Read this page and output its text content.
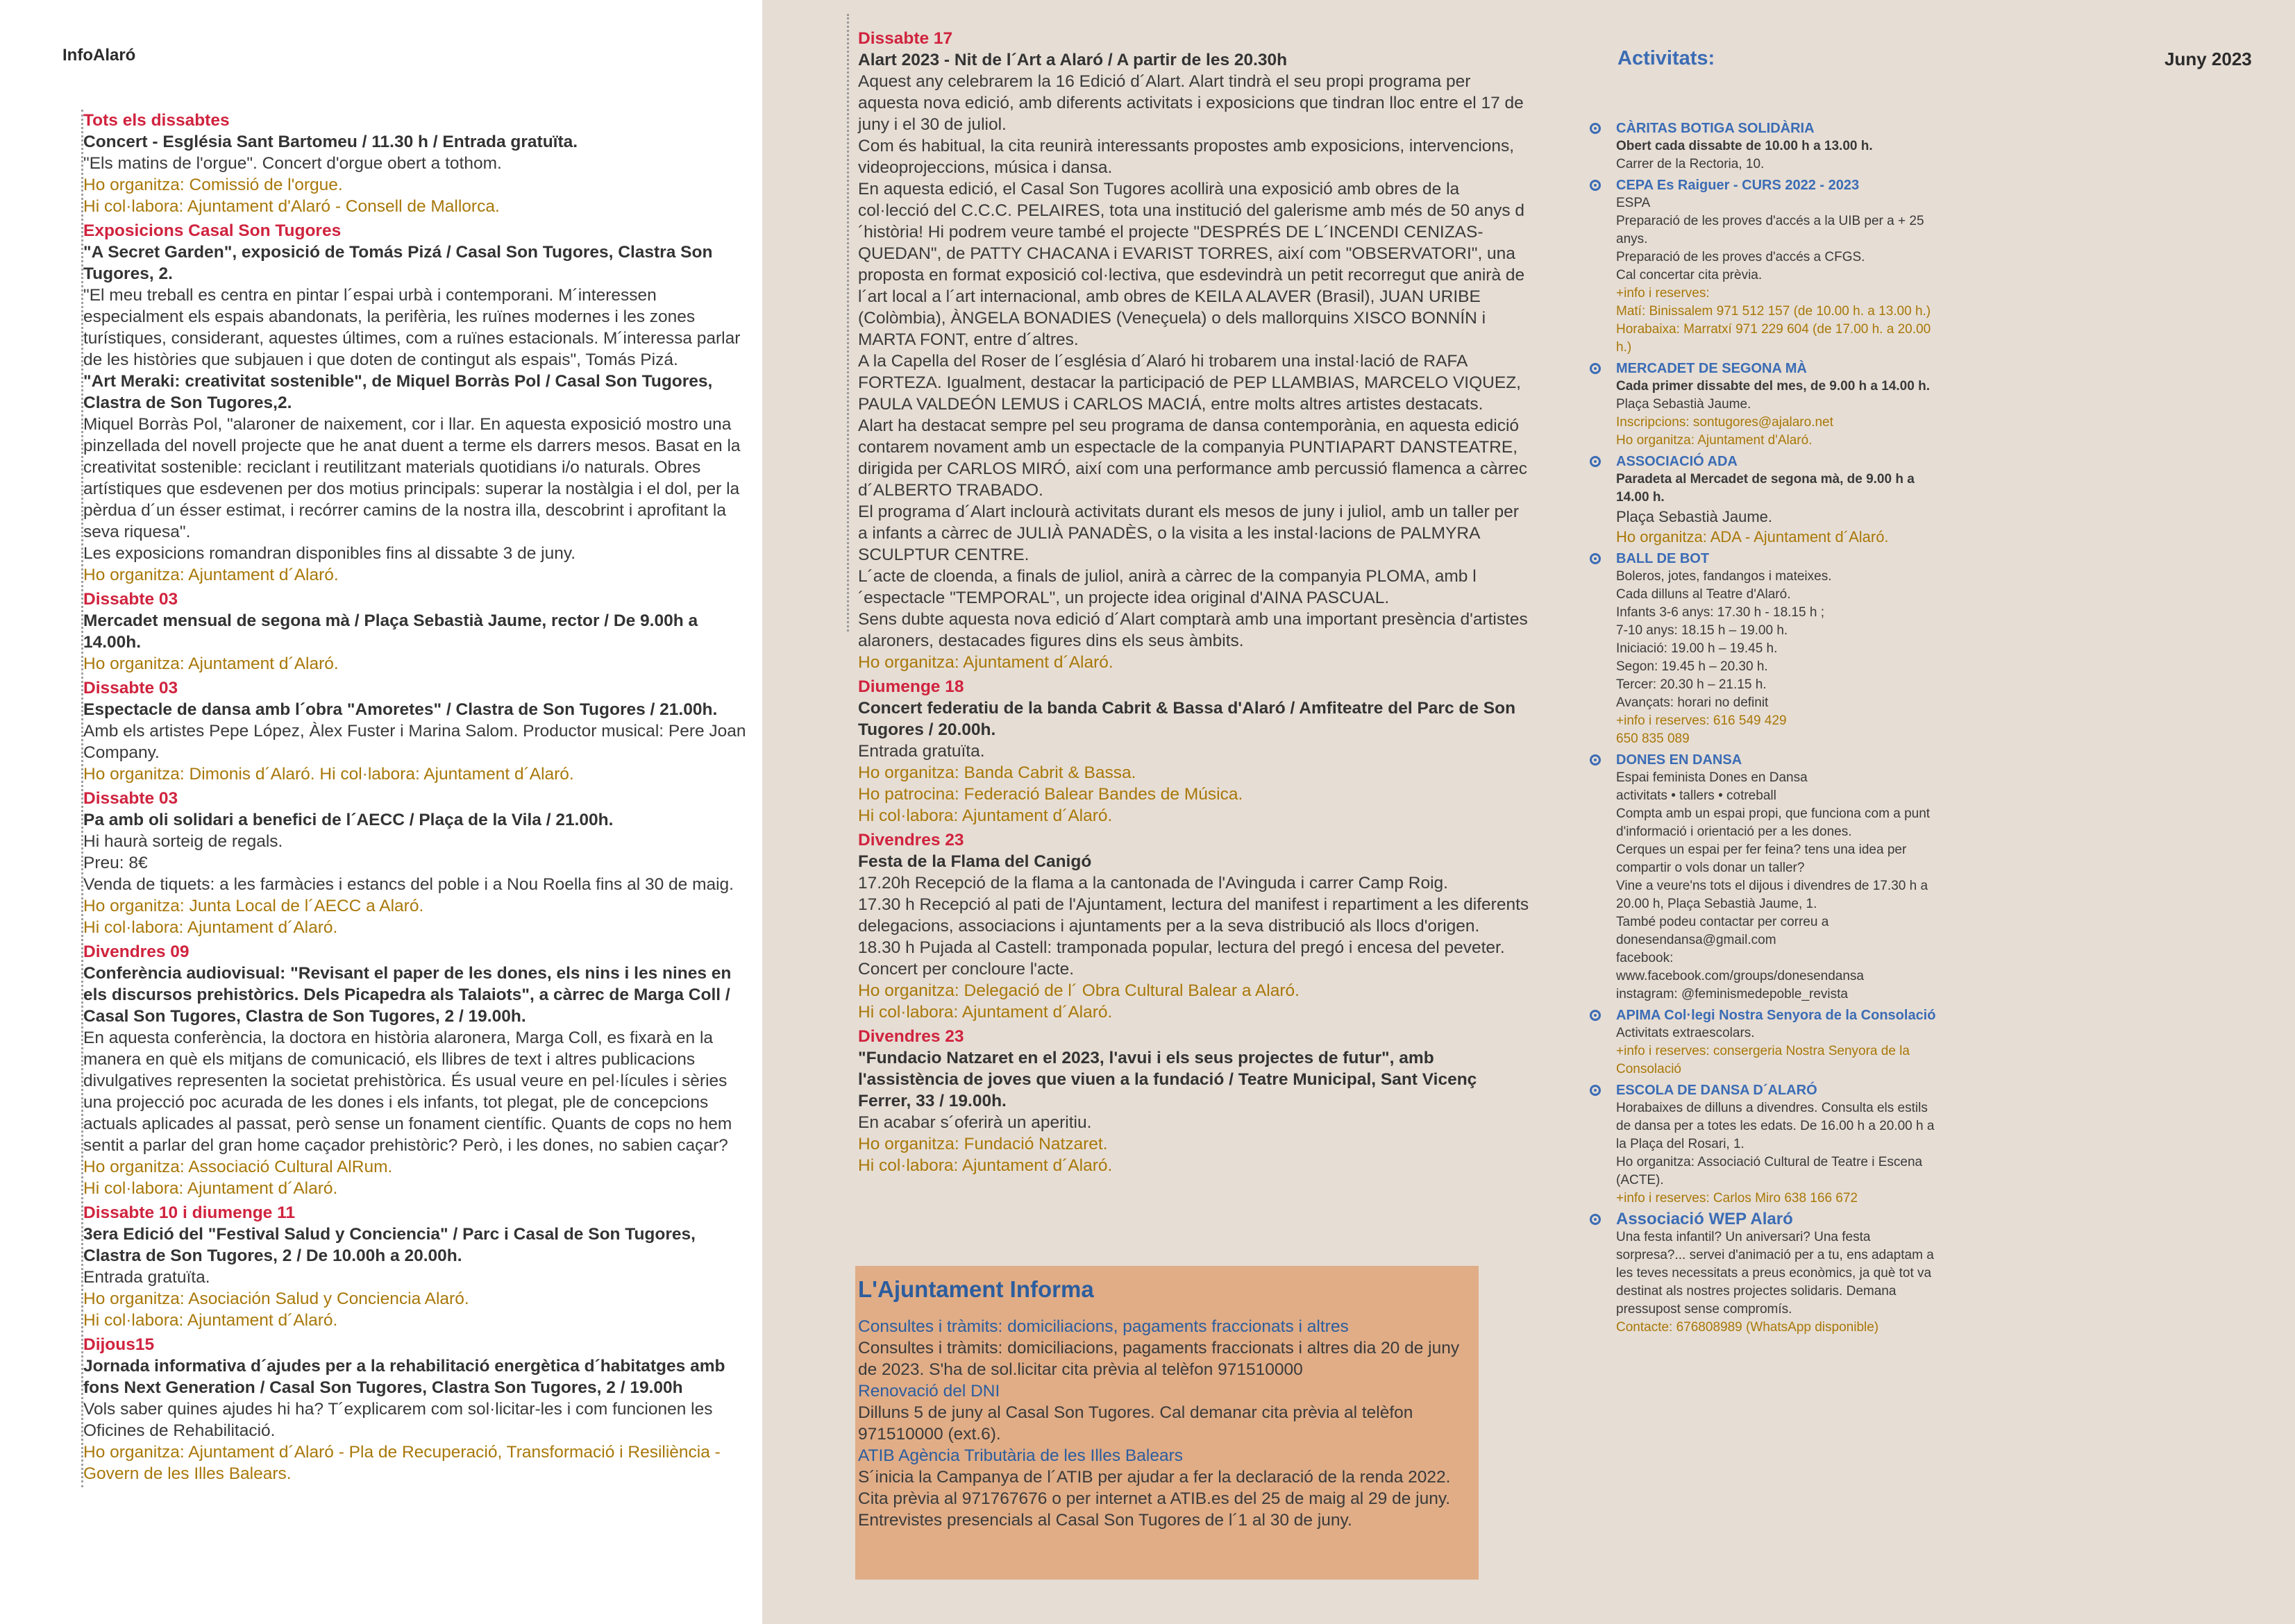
InfoAlaró	Activitats:	Juny 2023
Tots els dissabtes
Concert - Església Sant Bartomeu / 11.30 h / Entrada gratuïta.
"Els matins de l'orgue". Concert d'orgue obert a tothom.
Ho organitza: Comissió de l'orgue.
Hi col·labora: Ajuntament d'Alaró - Consell de Mallorca.
Exposicions Casal Son Tugores
"A Secret Garden", exposició de Tomás Pizá / Casal Son Tugores, Clastra Son Tugores, 2.
"El meu treball es centra en pintar l´espai urbà i contemporani. M´interessen especialment els espais abandonats, la perifèria, les ruïnes modernes i les zones turístiques, considerant, aquestes últimes, com a ruïnes estacionals. M´interessa parlar de les històries que subjauen i que doten de contingut als espais", Tomás Pizá.
"Art Meraki: creativitat sostenible", de Miquel Borràs Pol / Casal Son Tugores, Clastra de Son Tugores,2.
Miquel Borràs Pol, "alaroner de naixement, cor i llar. En aquesta exposició mostro una pinzellada del novell projecte que he anat duent a terme els darrers mesos. Basat en la creativitat sostenible: reciclant i reutilitzant materials quotidians i/o naturals. Obres artístiques que esdevenen per dos motius principals: superar la nostàlgia i el dol, per la pèrdua d´un ésser estimat, i recórrer camins de la nostra illa, descobrint i aprofitant la seva riquesa".
Les exposicions romandran disponibles fins al dissabte 3 de juny.
Ho organitza: Ajuntament d´Alaró.
Dissabte 03
Mercadet mensual de segona mà / Plaça Sebastià Jaume, rector / De 9.00h a 14.00h.
Ho organitza: Ajuntament d´Alaró.
Dissabte 03
Espectacle de dansa amb l´obra "Amoretes" / Clastra de Son Tugores / 21.00h.
Amb els artistes Pepe López, Àlex Fuster i Marina Salom. Productor musical: Pere Joan Company.
Ho organitza: Dimonis d´Alaró. Hi col·labora: Ajuntament d´Alaró.
Dissabte 03
Pa amb oli solidari a benefici de l´AECC / Plaça de la Vila / 21.00h.
Hi haurà sorteig de regals.
Preu: 8€
Venda de tiquets: a les farmàcies i estancs del poble i a Nou Roella fins al 30 de maig.
Ho organitza: Junta Local de l´AECC a Alaró.
Hi col·labora: Ajuntament d´Alaró.
Divendres 09
Conferència audiovisual: "Revisant el paper de les dones, els nins i les nines en els discursos prehistòrics. Dels Picapedra als Talaiots", a càrrec de Marga Coll / Casal Son Tugores, Clastra de Son Tugores, 2 / 19.00h.
En aquesta conferència, la doctora en història alaronera, Marga Coll, es fixarà en la manera en què els mitjans de comunicació, els llibres de text i altres publicacions divulgatives representen la societat prehistòrica. És usual veure en pel·lícules i sèries una projecció poc acurada de les dones i els infants, tot plegat, ple de concepcions actuals aplicades al passat, però sense un fonament científic. Quants de cops no hem sentit a parlar del gran home caçador prehistòric? Però, i les dones, no sabien caçar?
Ho organitza: Associació Cultural AlRum.
Hi col·labora: Ajuntament d´Alaró.
Dissabte 10 i diumenge 11
3era Edició del "Festival Salud y Conciencia" / Parc i Casal de Son Tugores, Clastra de Son Tugores, 2 / De 10.00h a 20.00h.
Entrada gratuïta.
Ho organitza: Asociación Salud y Conciencia Alaró.
Hi col·labora: Ajuntament d´Alaró.
Dijous15
Jornada informativa d´ajudes per a la rehabilitació energètica d´habitatges amb fons Next Generation / Casal Son Tugores, Clastra Son Tugores, 2 / 19.00h
Vols saber quines ajudes hi ha? T´explicarem com sol·licitar-les i com funcionen les Oficines de Rehabilitació.
Ho organitza: Ajuntament d´Alaró - Pla de Recuperació, Transformació i Resiliència - Govern de les Illes Balears.
Dissabte 17
Alart 2023 - Nit de l´Art a Alaró / A partir de les 20.30h
Aquest any celebrarem la 16 Edició d´Alart. Alart tindrà el seu propi programa per aquesta nova edició, amb diferents activitats i exposicions que tindran lloc entre el 17 de juny i el 30 de juliol.
Com és habitual, la cita reunirà interessants propostes amb exposicions, intervencions, videoprojeccions, música i dansa.
En aquesta edició, el Casal Son Tugores acollirà una exposició amb obres de la col·lecció del C.C.C. PELAIRES, tota una institució del galerisme amb més de 50 anys d´història! Hi podrem veure també el projecte "DESPRÉS DE L´INCENDI CENIZAS-QUEDAN", de PATTY CHACANA i EVARIST TORRES, així com "OBSERVATORI", una proposta en format exposició col·lectiva, que esdevindrà un petit recorregut que anirà de l´art local a l´art internacional, amb obres de KEILA ALAVER (Brasil), JUAN URIBE (Colòmbia), ÀNGELA BONADIES (Veneçuela) o dels mallorquins XISCO BONNÍN i MARTA FONT, entre d´altres.
A la Capella del Roser de l´església d´Alaró hi trobarem una instal·lació de RAFA FORTEZA. Igualment, destacar la participació de PEP LLAMBIAS, MARCELO VIQUEZ, PAULA VALDEÓN LEMUS i CARLOS MACIÁ, entre molts altres artistes destacats.
Alart ha destacat sempre pel seu programa de dansa contemporània, en aquesta edició contarem novament amb un espectacle de la companyia PUNTIAPART DANSTEATRE, dirigida per CARLOS MIRÓ, així com una performance amb percussió flamenca a càrrec d´ALBERTO TRABADO.
El programa d´Alart inclourà activitats durant els mesos de juny i juliol, amb un taller per a infants a càrrec de JULIÀ PANADÈS, o la visita a les instal·lacions de PALMYRA SCULPTUR CENTRE.
L´acte de cloenda, a finals de juliol, anirà a càrrec de la companyia PLOMA, amb l´espectacle "TEMPORAL", un projecte idea original d'AINA PASCUAL.
Sens dubte aquesta nova edició d´Alart comptarà amb una important presència d'artistes alaroners, destacades figures dins els seus àmbits.
Ho organitza: Ajuntament d´Alaró.
Diumenge 18
Concert federatiu de la banda Cabrit & Bassa d'Alaró / Amfiteatre del Parc de Son Tugores / 20.00h.
Entrada gratuïta.
Ho organitza: Banda Cabrit & Bassa.
Ho patrocina: Federació Balear Bandes de Música.
Hi col·labora: Ajuntament d´Alaró.
Divendres 23
Festa de la Flama del Canigó
17.20h Recepció de la flama a la cantonada de l'Avinguda i carrer Camp Roig.
17.30 h Recepció al pati de l'Ajuntament, lectura del manifest i repartiment a les diferents delegacions, associacions i ajuntaments per a la seva distribució als llocs d'origen.
18.30 h Pujada al Castell: tramponada popular, lectura del pregó i encesa del peveter. Concert per concloure l'acte.
Ho organitza: Delegació de l´ Obra Cultural Balear a Alaró.
Hi col·labora: Ajuntament d´Alaró.
Divendres 23
"Fundacio Natzaret en el 2023, l'avui i els seus projectes de futur", amb l'assistència de joves que viuen a la fundació / Teatre Municipal, Sant Vicenç Ferrer, 33 / 19.00h.
En acabar s´oferirà un aperitiu.
Ho organitza: Fundació Natzaret.
Hi col·labora: Ajuntament d´Alaró.
L'Ajuntament Informa
Consultes i tràmits: domiciliacions, pagaments fraccionats i altres
Consultes i tràmits: domiciliacions, pagaments fraccionats i altres dia 20 de juny de 2023. S'ha de sol.licitar cita prèvia al telèfon 971510000
Renovació del DNI
Dilluns 5 de juny al Casal Son Tugores. Cal demanar cita prèvia al telèfon 971510000 (ext.6).
ATIB Agència Tributària de les Illes Balears
S´inicia la Campanya de l´ATIB per ajudar a fer la declaració de la renda 2022. Cita prèvia al 971767676 o per internet a ATIB.es del 25 de maig al 29 de juny. Entrevistes presencials al Casal Son Tugores de l´1 al 30 de juny.
CÀRITAS BOTIGA SOLIDÀRIA
Obert cada dissabte de 10.00 h a 13.00 h.
Carrer de la Rectoria, 10.
CEPA Es Raiguer - CURS 2022 - 2023
ESPA
Preparació de les proves d'accés a la UIB per a + 25 anys.
Preparació de les proves d'accés a CFGS.
Cal concertar cita prèvia.
+info i reserves:
Matí: Binissalem 971 512 157 (de 10.00 h. a 13.00 h.)
Horabaixa: Marratxí 971 229 604 (de 17.00 h. a 20.00 h.)
MERCADET DE SEGONA MÀ
Cada primer dissabte del mes, de 9.00 h a 14.00 h.
Plaça Sebastià Jaume.
Inscripcions: sontugores@ajalaro.net
Ho organitza: Ajuntament d'Alaró.
ASSOCIACIÓ ADA
Paradeta al Mercadet de segona mà, de 9.00 h a 14.00 h.
Plaça Sebastià Jaume.
Ho organitza: ADA - Ajuntament d´Alaró.
BALL DE BOT
Boleros, jotes, fandangos i mateixes.
Cada dilluns al Teatre d'Alaró.
Infants 3-6 anys: 17.30 h - 18.15 h ;
7-10 anys: 18.15 h – 19.00 h.
Iniciació: 19.00 h – 19.45 h.
Segon: 19.45 h – 20.30 h.
Tercer: 20.30 h – 21.15 h.
Avançats: horari no definit
+info i reserves: 616 549 429
650 835 089
DONES EN DANSA
Espai feminista Dones en Dansa
activitats • tallers • cotreball
Compta amb un espai propi, que funciona com a punt d'informació i orientació per a les dones.
Cerques un espai per fer feina? tens una idea per compartir o vols donar un taller?
Vine a veure'ns tots el dijous i divendres de 17.30 h a 20.00 h, Plaça Sebastià Jaume, 1.
També podeu contactar per correu a donesendansa@gmail.com
facebook:
www.facebook.com/groups/donesendansa
instagram: @feminismedepoble_revista
APIMA Col·legi Nostra Senyora de la Consolació
Activitats extraescolars.
+info i reserves: consergeria Nostra Senyora de la Consolació
ESCOLA DE DANSA D´ALARÓ
Horabaixes de dilluns a divendres. Consulta els estils de dansa per a totes les edats. De 16.00 h a 20.00 h a la Plaça del Rosari, 1.
Ho organitza: Associació Cultural de Teatre i Escena (ACTE).
+info i reserves: Carlos Miro 638 166 672
Associació WEP Alaró
Una festa infantil? Un aniversari? Una festa sorpresa?... servei d'animació per a tu, ens adaptam a les teves necessitats a preus econòmics, ja què tot va destinat als nostres projectes solidaris. Demana pressupost sense compromís.
Contacte: 676808989 (WhatsApp disponible)
